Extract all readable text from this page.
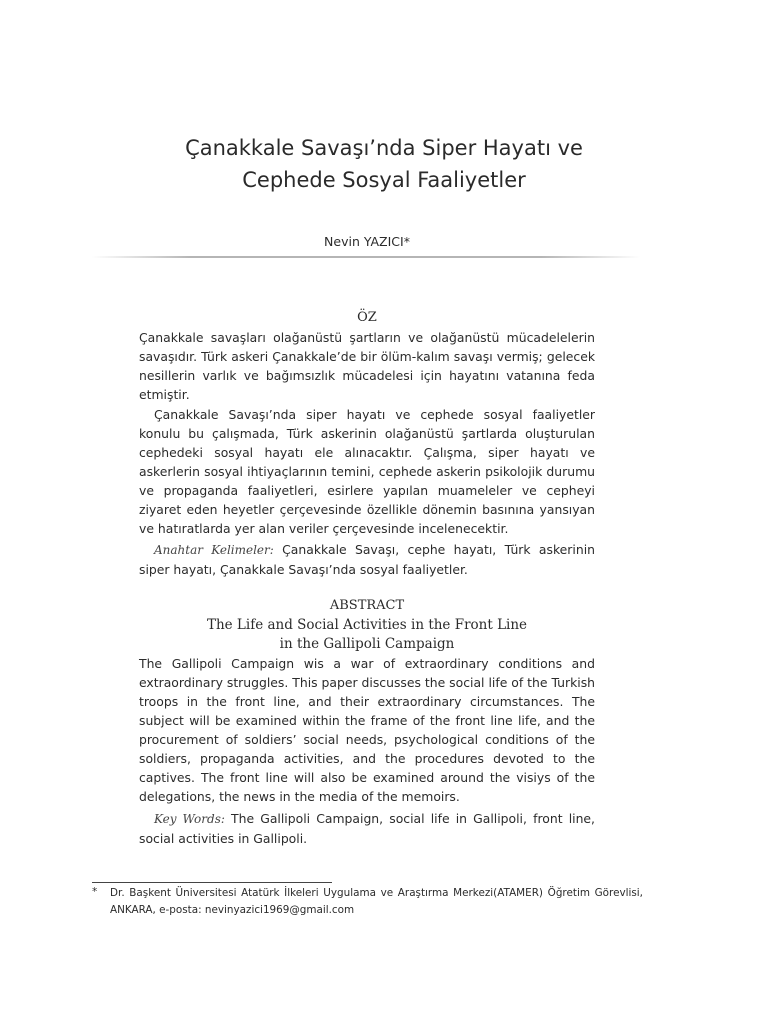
Çanakkale Savaşı’nda Siper Hayatı ve
Cephede Sosyal Faaliyetler
Nevin YAZICI*
ÖZ

Çanakkale savaşları olağanüstü şartların ve olağanüstü mücadelelerin savaşıdır. Türk askeri Çanakkale’de bir ölüm-kalım savaşı vermiş; gelecek nesillerin varlık ve bağımsızlık mücadelesi için hayatını vatanına feda etmiştir.

Çanakkale Savaşı’nda siper hayatı ve cephede sosyal faaliyetler konulu bu çalışmada, Türk askerinin olağanüstü şartlarda oluşturulan cephedeki sosyal hayatı ele alınacaktır. Çalışma, siper hayatı ve askerlerin sosyal ihtiyaçlarının temini, cephede askerin psikolojik durumu ve propaganda faaliyetleri, esirlere yapılan muameleler ve cepheyi ziyaret eden heyetler çerçevesinde özellikle dönemin basınına yansıyan ve hatıratlarda yer alan veriler çerçevesinde incelenecektir.

Anahtar Kelimeler: Çanakkale Savaşı, cephe hayatı, Türk askerinin siper hayatı, Çanakkale Savaşı’nda sosyal faaliyetler.

ABSTRACT
The Life and Social Activities in the Front Line
in the Gallipoli Campaign

The Gallipoli Campaign wis a war of extraordinary conditions and extraordinary struggles. This paper discusses the social life of the Turkish troops in the front line, and their extraordinary circumstances. The subject will be examined within the frame of the front line life, and the procurement of soldiers’ social needs, psychological conditions of the soldiers, propaganda activities, and the procedures devoted to the captives. The front line will also be examined around the visiys of the delegations, the news in the media of the memoirs.

Key Words: The Gallipoli Campaign, social life in Gallipoli, front line, social activities in Gallipoli.

* Dr. Başkent Üniversitesi Atatürk İlkeleri Uygulama ve Araştırma Merkezi(ATAMER) Öğretim Görevlisi, ANKARA, e-posta: nevinyazici1969@gmail.com
